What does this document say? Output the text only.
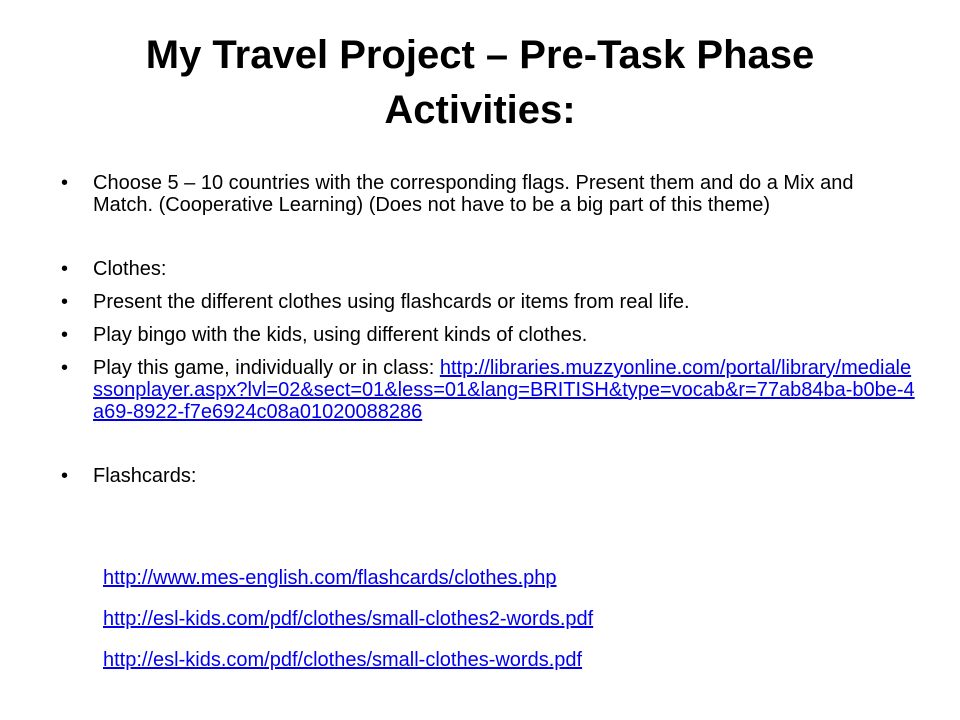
My Travel Project – Pre-Task Phase Activities:

• Choose 5 – 10 countries with the corresponding flags. Present them and do a Mix and Match. (Cooperative Learning) (Does not have to be a big part of this theme)

• Clothes:

• Present the different clothes using flashcards or items from real life.

• Play bingo with the kids, using different kinds of clothes.

• Play this game, individually or in class: http://libraries.muzzyonline.com/portal/library/medialessonplayer.aspx?lvl=02&sect=01&less=01&lang=BRITISH&type=vocab&r=77ab84ba-b0be-4a69-8922-f7e6924c08a01020088286

• Flashcards:

http://www.mes-english.com/flashcards/clothes.php
http://esl-kids.com/pdf/clothes/small-clothes2-words.pdf
http://esl-kids.com/pdf/clothes/small-clothes-words.pdf
